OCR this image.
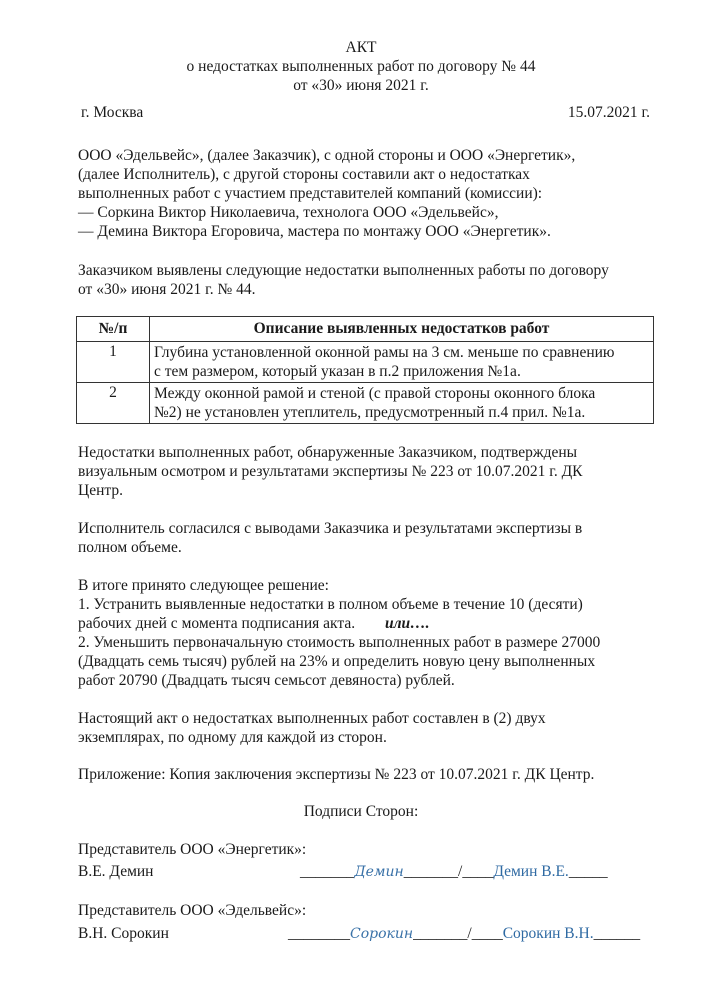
АКТ
о недостатках выполненных работ по договору № 44
от «30» июня 2021 г.
г. Москва	15.07.2021 г.
ООО «Эдельвейс», (далее Заказчик), с одной стороны и ООО «Энергетик»,
(далее Исполнитель), с другой стороны составили акт о недостатках
выполненных работ с участием представителей компаний (комиссии):
— Соркина Виктор Николаевича, технолога ООО «Эдельвейс»,
— Демина Виктора Егоровича, мастера по монтажу ООО «Энергетик».
Заказчиком выявлены следующие недостатки выполненных работы по договору
от «30» июня 2021 г. № 44.
№/п	Описание выявленных недостатков работ
1	Глубина установленной оконной рамы на 3 см. меньше по сравнению
с тем размером, который указан в п.2 приложения №1а.

2	Между оконной рамой и стеной (с правой стороны оконного блока
№2) не установлен утеплитель, предусмотренный п.4 прил. №1а.
Недостатки выполненных работ, обнаруженные Заказчиком, подтверждены
визуальным осмотром и результатами экспертизы № 223 от 10.07.2021 г. ДК
Центр.
Исполнитель согласился с выводами Заказчика и результатами экспертизы в
полном объеме.
В итоге принято следующее решение:
1. Устранить выявленные недостатки в полном объеме в течение 10 (десяти)
рабочих дней с момента подписания акта. или….
2. Уменьшить первоначальную стоимость выполненных работ в размере 27000
(Двадцать семь тысяч) рублей на 23% и определить новую цену выполненных
работ 20790 (Двадцать тысяч семьсот девяноста) рублей.
Настоящий акт о недостатках выполненных работ составлен в (2) двух
экземплярах, по одному для каждой из сторон.
Приложение: Копия заключения экспертизы № 223 от 10.07.2021 г. ДК Центр.
Подписи Сторон:
Представитель ООО «Энергетик»:
В.Е. Демин	_______Демин_______/____Демин В.Е._____
Представитель ООО «Эдельвейс»:
В.Н. Сорокин	________Сорокин_______/____Сорокин В.Н.______
